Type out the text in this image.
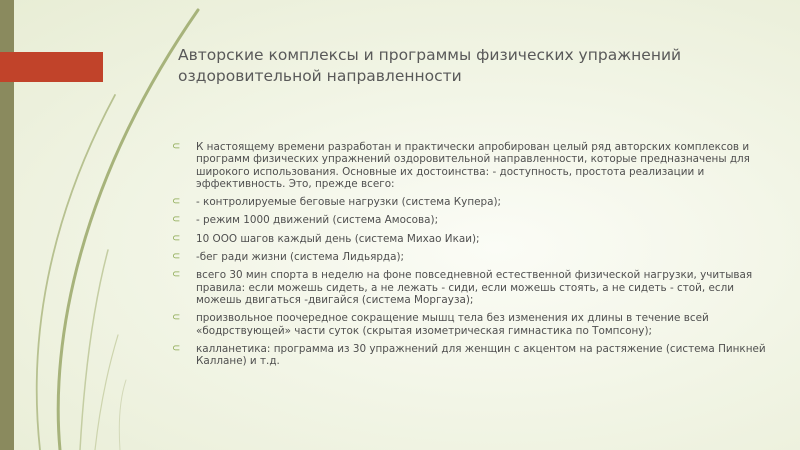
Авторские комплексы и программы физических упражнений
оздоровительной направленности
⊂ К настоящему времени разработан и практически апробирован целый ряд авторских комплексов и программ физических упражнений оздоровительной направленности, которые предназначены для широкого использования. Основные их достоинства: - доступность, простота реализации и эффективность. Это, прежде всего:
⊂ - контролируемые беговые нагрузки (система Купера);
⊂ - режим 1000 движений (система Амосова);
⊂ 10 ООО шагов каждый день (система Михао Икаи);
⊂ -бег ради жизни (система Лидьярда);
⊂ всего 30 мин спорта в неделю на фоне повседневной естественной физической нагрузки, учитывая правила: если можешь сидеть, а не лежать - сиди, если можешь стоять, а не сидеть - стой, если можешь двигаться -двигайся (система Моргауза);
⊂ произвольное поочередное сокращение мышц тела без изменения их длины в течение всей «бодрствующей» части суток (скрытая изометрическая гимнастика по Томпсону);
⊂ калланетика: программа из 30 упражнений для женщин с акцентом на растяжение (система Пинкней Каллане) и т.д.
